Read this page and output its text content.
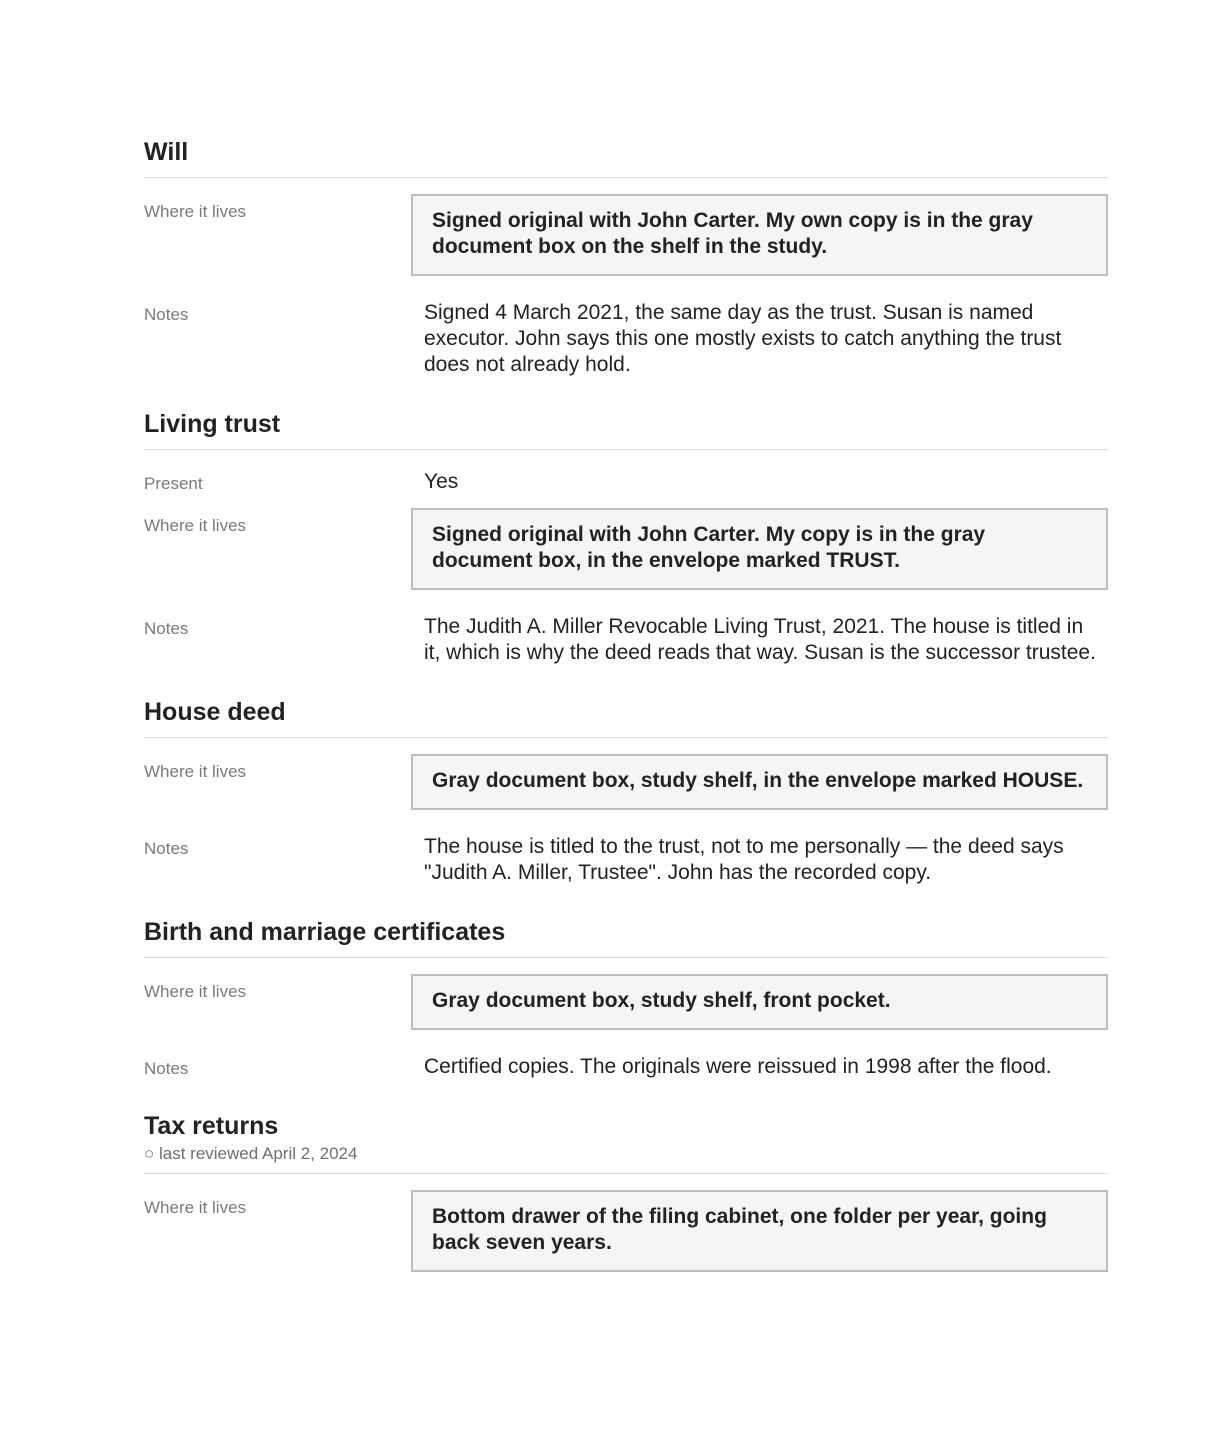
Will
Where it lives	Signed original with John Carter. My own copy is in the gray document box on the shelf in the study.
Notes	Signed 4 March 2021, the same day as the trust. Susan is named executor. John says this one mostly exists to catch anything the trust does not already hold.
Living trust
Present	Yes
Where it lives	Signed original with John Carter. My copy is in the gray document box, in the envelope marked TRUST.
Notes	The Judith A. Miller Revocable Living Trust, 2021. The house is titled in it, which is why the deed reads that way. Susan is the successor trustee.
House deed
Where it lives	Gray document box, study shelf, in the envelope marked HOUSE.
Notes	The house is titled to the trust, not to me personally — the deed says "Judith A. Miller, Trustee". John has the recorded copy.
Birth and marriage certificates
Where it lives	Gray document box, study shelf, front pocket.
Notes	Certified copies. The originals were reissued in 1998 after the flood.
Tax returns
○ last reviewed April 2, 2024
Where it lives	Bottom drawer of the filing cabinet, one folder per year, going back seven years.
